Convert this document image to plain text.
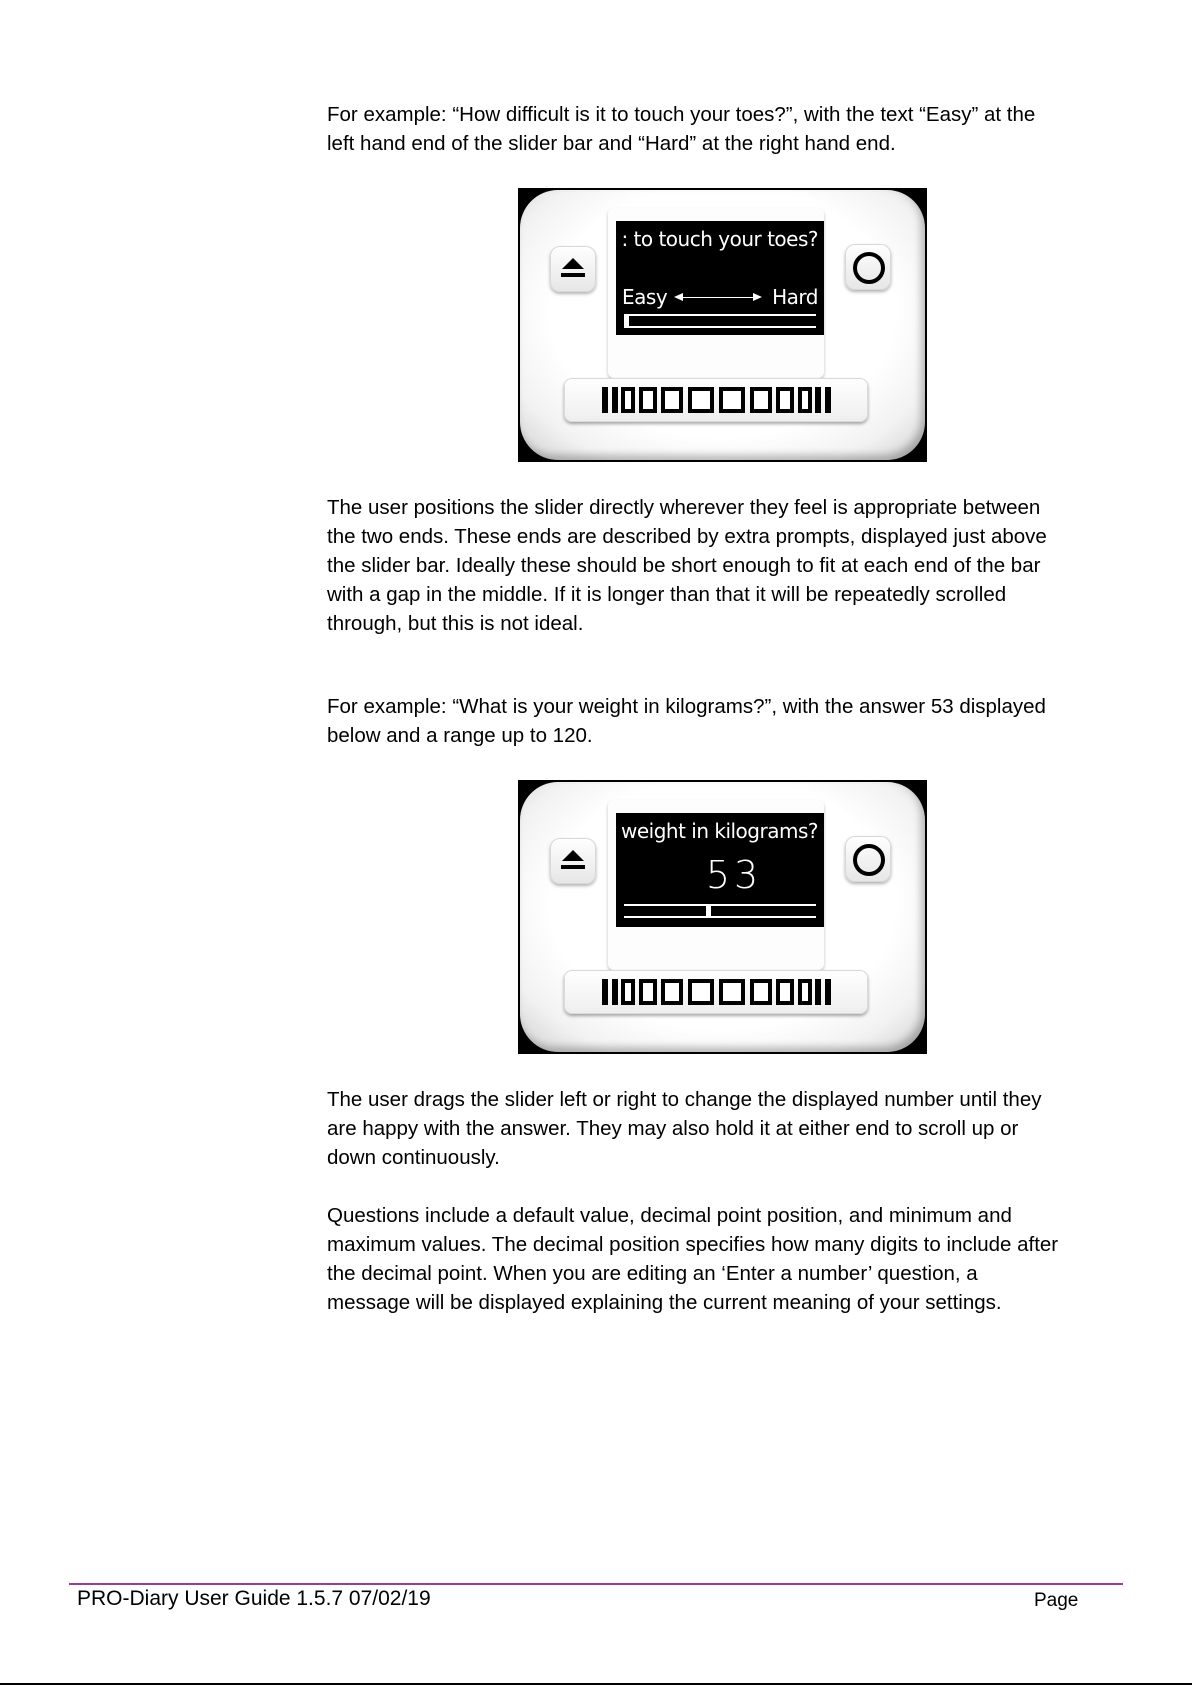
For example: “How difficult is it to touch your toes?”, with the text “Easy” at the
left hand end of the slider bar and “Hard” at the right hand end.

: to touch your toes?
Easy	Hard

The user positions the slider directly wherever they feel is appropriate between
the two ends. These ends are described by extra prompts, displayed just above
the slider bar. Ideally these should be short enough to fit at each end of the bar
with a gap in the middle. If it is longer than that it will be repeatedly scrolled
through, but this is not ideal.

For example: “What is your weight in kilograms?”, with the answer 53 displayed
below and a range up to 120.

weight in kilograms?
53

The user drags the slider left or right to change the displayed number until they
are happy with the answer. They may also hold it at either end to scroll up or
down continuously.

Questions include a default value, decimal point position, and minimum and
maximum values. The decimal position specifies how many digits to include after
the decimal point. When you are editing an ‘Enter a number’ question, a
message will be displayed explaining the current meaning of your settings.

PRO-Diary User Guide 1.5.7 07/02/19	Page
